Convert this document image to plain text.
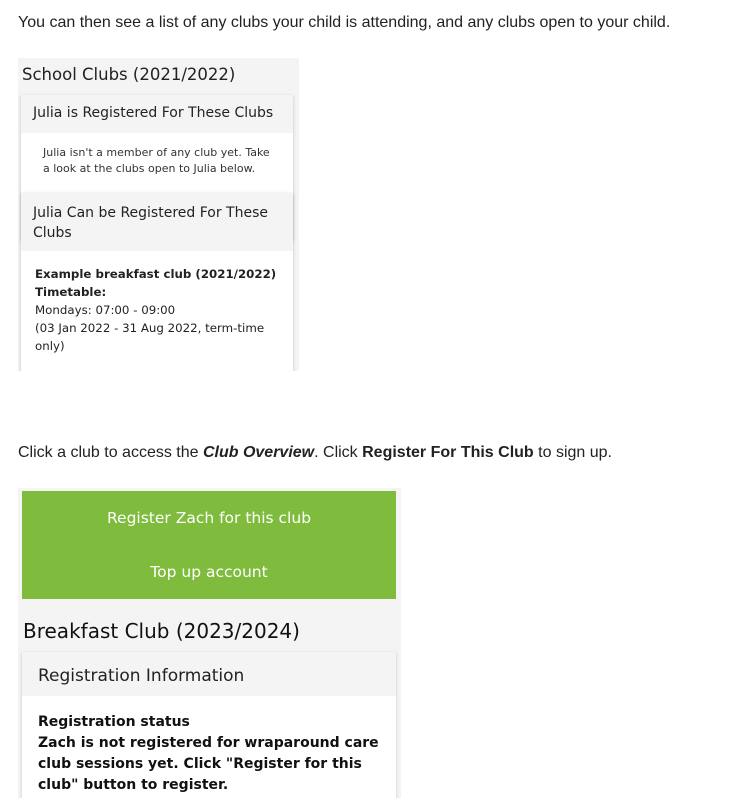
You can then see a list of any clubs your child is attending, and any clubs open to your child.

School Clubs (2021/2022)
Julia is Registered For These Clubs
Julia isn't a member of any club yet. Take a look at the clubs open to Julia below.
Julia Can be Registered For These Clubs
Example breakfast club (2021/2022)
Timetable:
Mondays: 07:00 - 09:00
(03 Jan 2022 - 31 Aug 2022, term-time only)

Click a club to access the Club Overview. Click Register For This Club to sign up.

Register Zach for this club
Top up account
Breakfast Club (2023/2024)
Registration Information
Registration status
Zach is not registered for wraparound care club sessions yet. Click "Register for this club" button to register.
